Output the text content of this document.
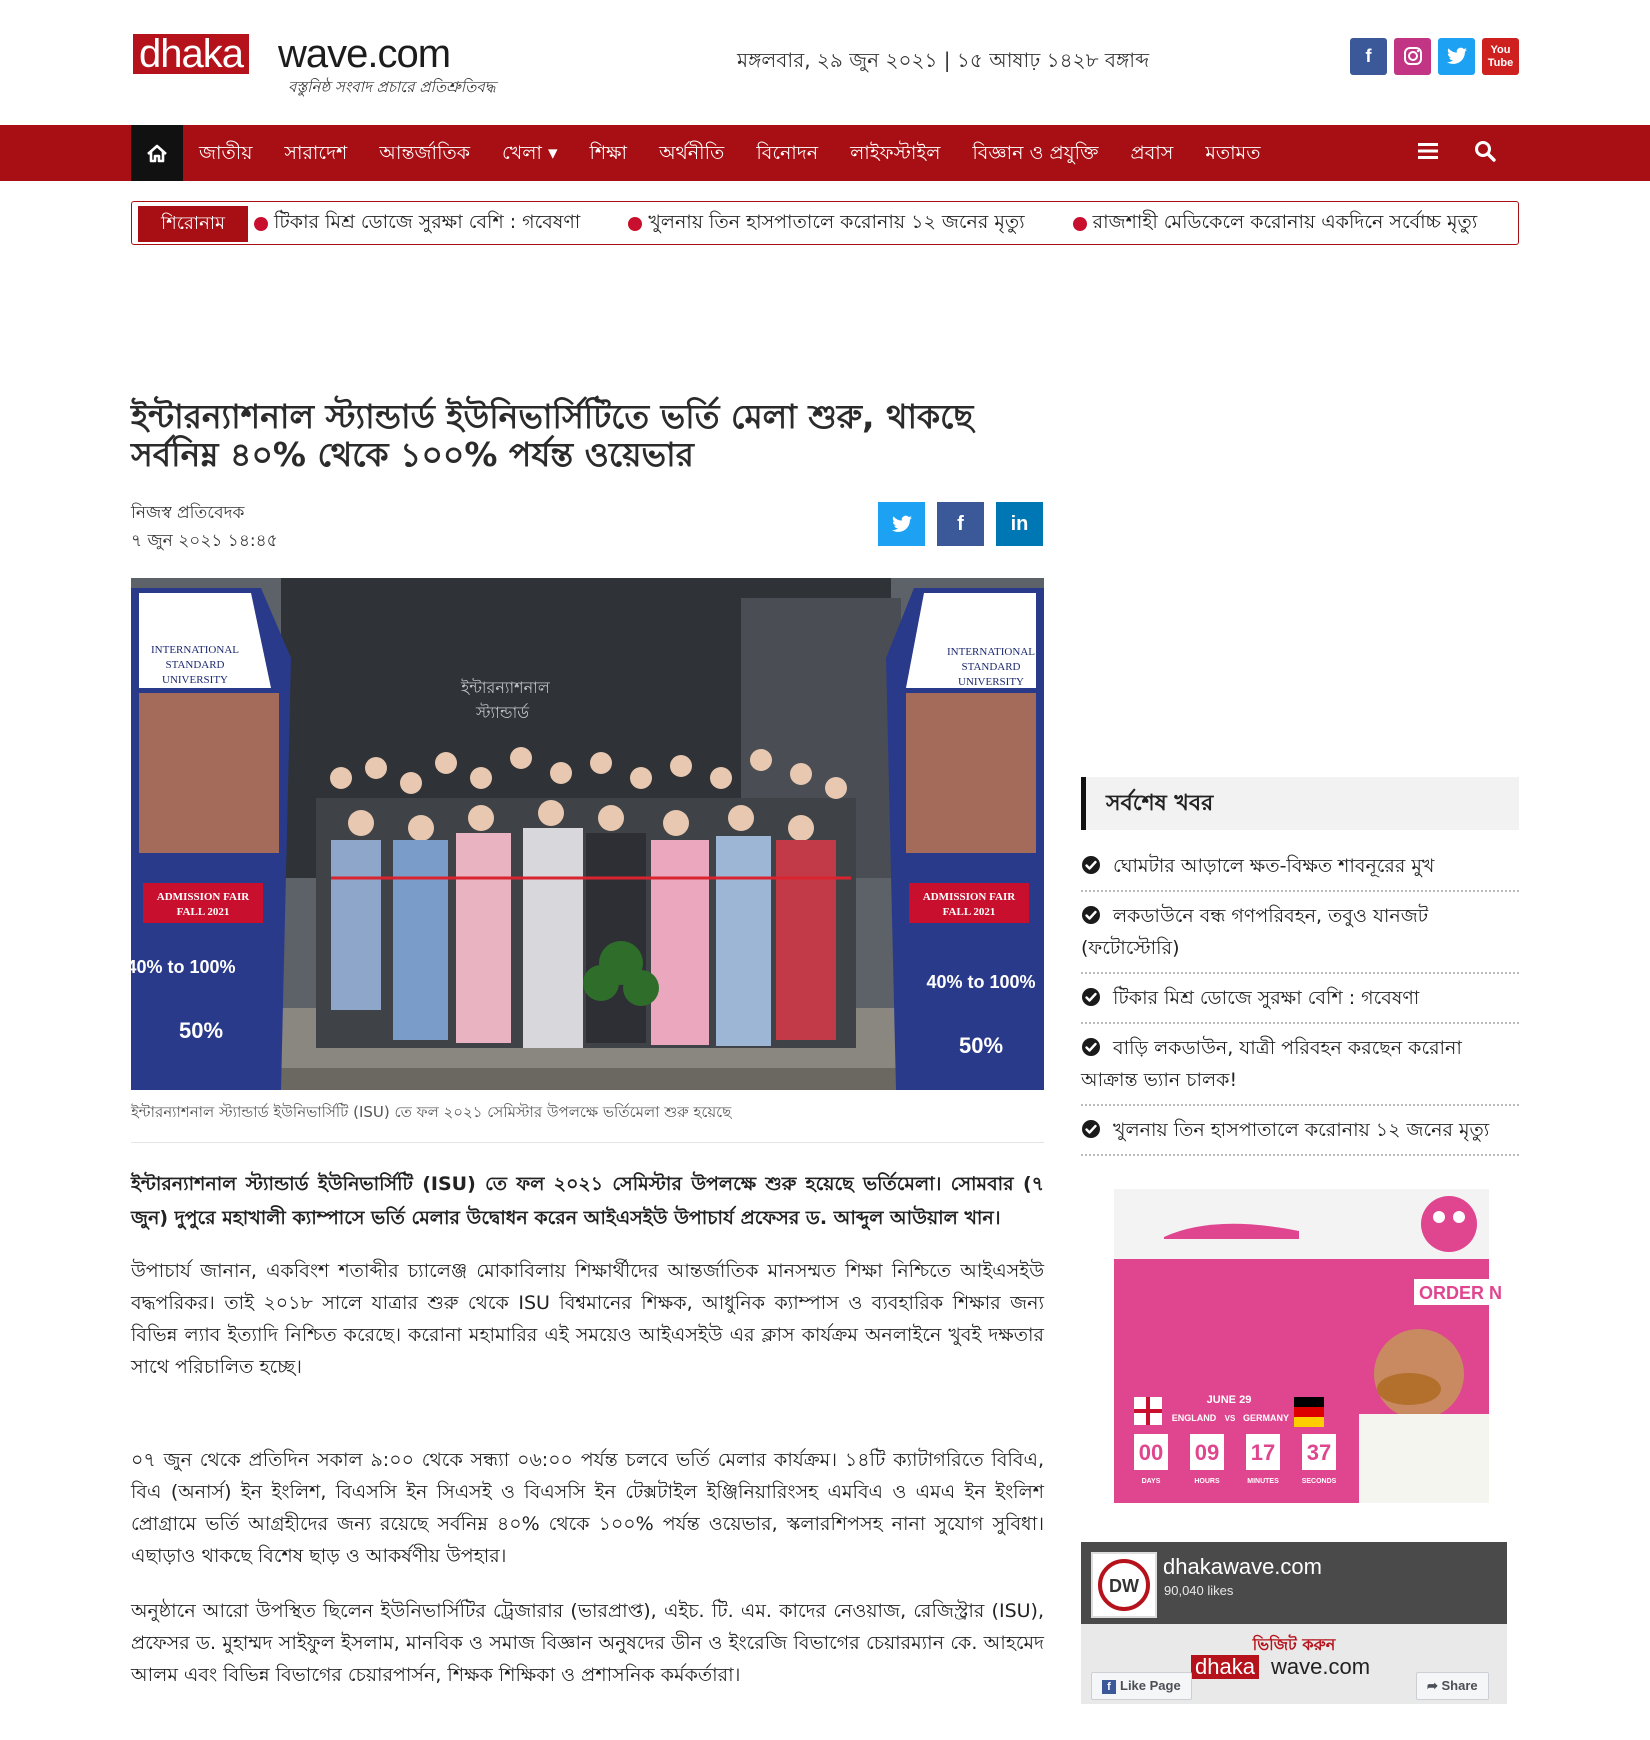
dhaka wave.com
বস্তুনিষ্ঠ সংবাদ প্রচারে প্রতিশ্রুতিবদ্ধ
মঙ্গলবার, ২৯ জুন ২০২১ | ১৫ আষাঢ় ১৪২৮ বঙ্গাব্দ	f	You
Tube
জাতীয়	সারাদেশ	আন্তর্জাতিক	খেলা ▾	শিক্ষা	অর্থনীতি	বিনোদন	লাইফস্টাইল	বিজ্ঞান ও প্রযুক্তি	প্রবাস	মতামত
শিরোনাম	টিকার মিশ্র ডোজে সুরক্ষা বেশি : গবেষণা	খুলনায় তিন হাসপাতালে করোনায় ১২ জনের মৃত্যু	রাজশাহী মেডিকেলে করোনায় একদিনে সর্বোচ্চ মৃত্যু
ইন্টারন্যাশনাল স্ট্যান্ডার্ড ইউনিভার্সিটিতে ভর্তি মেলা শুরু, থাকছে সর্বনিম্ন ৪০% থেকে ১০০% পর্যন্ত ওয়েভার
নিজস্ব প্রতিবেদক
৭ জুন ২০২১ ১৪:৪৫
f	in
INTERNATIONAL
STANDARD
UNIVERSITY
INTERNATIONAL
STANDARD
UNIVERSITY
ADMISSION FAIR
FALL 2021
ADMISSION FAIR
FALL 2021
40% to 100%
50%
40% to 100%
50%
ইন্টারন্যাশনাল
স্ট্যান্ডার্ড
ইন্টারন্যাশনাল স্ট্যান্ডার্ড ইউনিভার্সিটি (ISU) তে ফল ২০২১ সেমিস্টার উপলক্ষে ভর্তিমেলা শুরু হয়েছে

ইন্টারন্যাশনাল স্ট্যান্ডার্ড ইউনিভার্সিটি (ISU) তে ফল ২০২১ সেমিস্টার উপলক্ষে শুরু হয়েছে ভর্তিমেলা। সোমবার (৭ জুন) দুপুরে মহাখালী ক্যাম্পাসে ভর্তি মেলার উদ্বোধন করেন আইএসইউ উপাচার্য প্রফেসর ড. আব্দুল আউয়াল খান।

উপাচার্য জানান, একবিংশ শতাব্দীর চ্যালেঞ্জ মোকাবিলায় শিক্ষার্থীদের আন্তর্জাতিক মানসম্মত শিক্ষা নিশ্চিতে আইএসইউ বদ্ধপরিকর। তাই ২০১৮ সালে যাত্রার শুরু থেকে ISU বিশ্বমানের শিক্ষক, আধুনিক ক্যাম্পাস ও ব্যবহারিক শিক্ষার জন্য বিভিন্ন ল্যাব ইত্যাদি নিশ্চিত করেছে। করোনা মহামারির এই সময়েও আইএসইউ এর ক্লাস কার্যক্রম অনলাইনে খুবই দক্ষতার সাথে পরিচালিত হচ্ছে।

০৭ জুন থেকে প্রতিদিন সকাল ৯:০০ থেকে সন্ধ্যা ০৬:০০ পর্যন্ত চলবে ভর্তি মেলার কার্যক্রম। ১৪টি ক্যাটাগরিতে বিবিএ, বিএ (অনার্স) ইন ইংলিশ, বিএসসি ইন সিএসই ও বিএসসি ইন টেক্সটাইল ইঞ্জিনিয়ারিংসহ এমবিএ ও এমএ ইন ইংলিশ প্রোগ্রামে ভর্তি আগ্রহীদের জন্য রয়েছে সর্বনিম্ন ৪০% থেকে ১০০% পর্যন্ত ওয়েভার, স্কলারশিপসহ নানা সুযোগ সুবিধা। এছাড়াও থাকছে বিশেষ ছাড় ও আকর্ষণীয় উপহার।

অনুষ্ঠানে আরো উপস্থিত ছিলেন ইউনিভার্সিটির ট্রেজারার (ভারপ্রাপ্ত), এইচ. টি. এম. কাদের নেওয়াজ, রেজিস্ট্রার (ISU), প্রফেসর ড. মুহাম্মদ সাইফুল ইসলাম, মানবিক ও সমাজ বিজ্ঞান অনুষদের ডীন ও ইংরেজি বিভাগের চেয়ারম্যান কে. আহমেদ আলম এবং বিভিন্ন বিভাগের চেয়ারপার্সন, শিক্ষক শিক্ষিকা ও প্রশাসনিক কর্মকর্তারা।

সর্বশেষ খবর
ঘোমটার আড়ালে ক্ষত-বিক্ষত শাবনূরের মুখ
লকডাউনে বন্ধ গণপরিবহন, তবুও যানজট (ফটোস্টোরি)
টিকার মিশ্র ডোজে সুরক্ষা বেশি : গবেষণা
বাড়ি লকডাউন, যাত্রী পরিবহন করছেন করোনা আক্রান্ত ভ্যান চালক!
খুলনায় তিন হাসপাতালে করোনায় ১২ জনের মৃত্যু
ORDER N
JUNE 29
ENGLAND VS GERMANY
00
DAYS
09
HOURS
17
MINUTES
37
SECONDS
DW
dhakawave.com
90,040 likes
ভিজিট করুন
dhaka wave.com
f Like Page	➦ Share
